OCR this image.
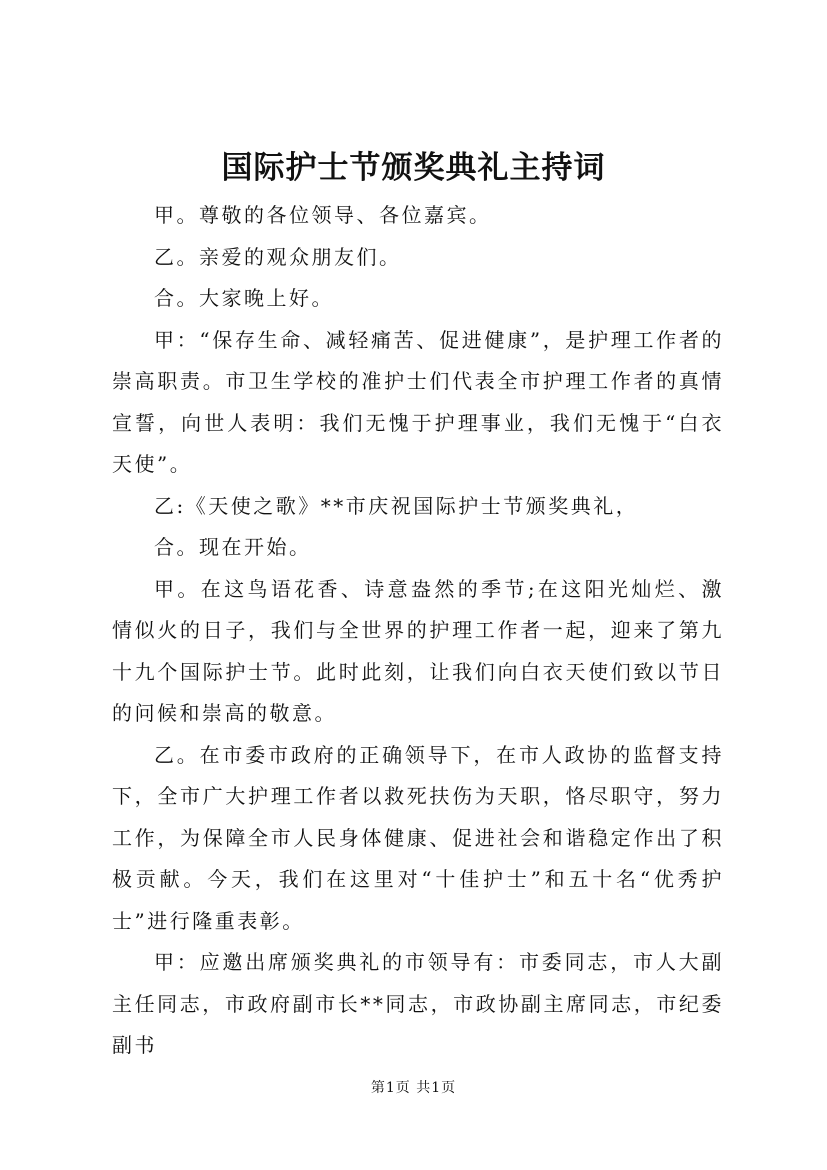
国际护士节颁奖典礼主持词

甲。尊敬的各位领导、各位嘉宾。

乙。亲爱的观众朋友们。

合。大家晚上好。

甲：“保存生命、减轻痛苦、促进健康”，是护理工作者的崇高职责。市卫生学校的准护士们代表全市护理工作者的真情宣誓，向世人表明：我们无愧于护理事业，我们无愧于“白衣天使”。

乙:《天使之歌》**市庆祝国际护士节颁奖典礼，

合。现在开始。

甲。在这鸟语花香、诗意盎然的季节;在这阳光灿烂、激情似火的日子，我们与全世界的护理工作者一起，迎来了第九十九个国际护士节。此时此刻，让我们向白衣天使们致以节日的问候和崇高的敬意。

乙。在市委市政府的正确领导下，在市人政协的监督支持下，全市广大护理工作者以救死扶伤为天职，恪尽职守，努力工作，为保障全市人民身体健康、促进社会和谐稳定作出了积极贡献。今天，我们在这里对“十佳护士”和五十名“优秀护士”进行隆重表彰。

甲：应邀出席颁奖典礼的市领导有：市委同志，市人大副主任同志，市政府副市长**同志，市政协副主席同志，市纪委副书

第1页 共1页
